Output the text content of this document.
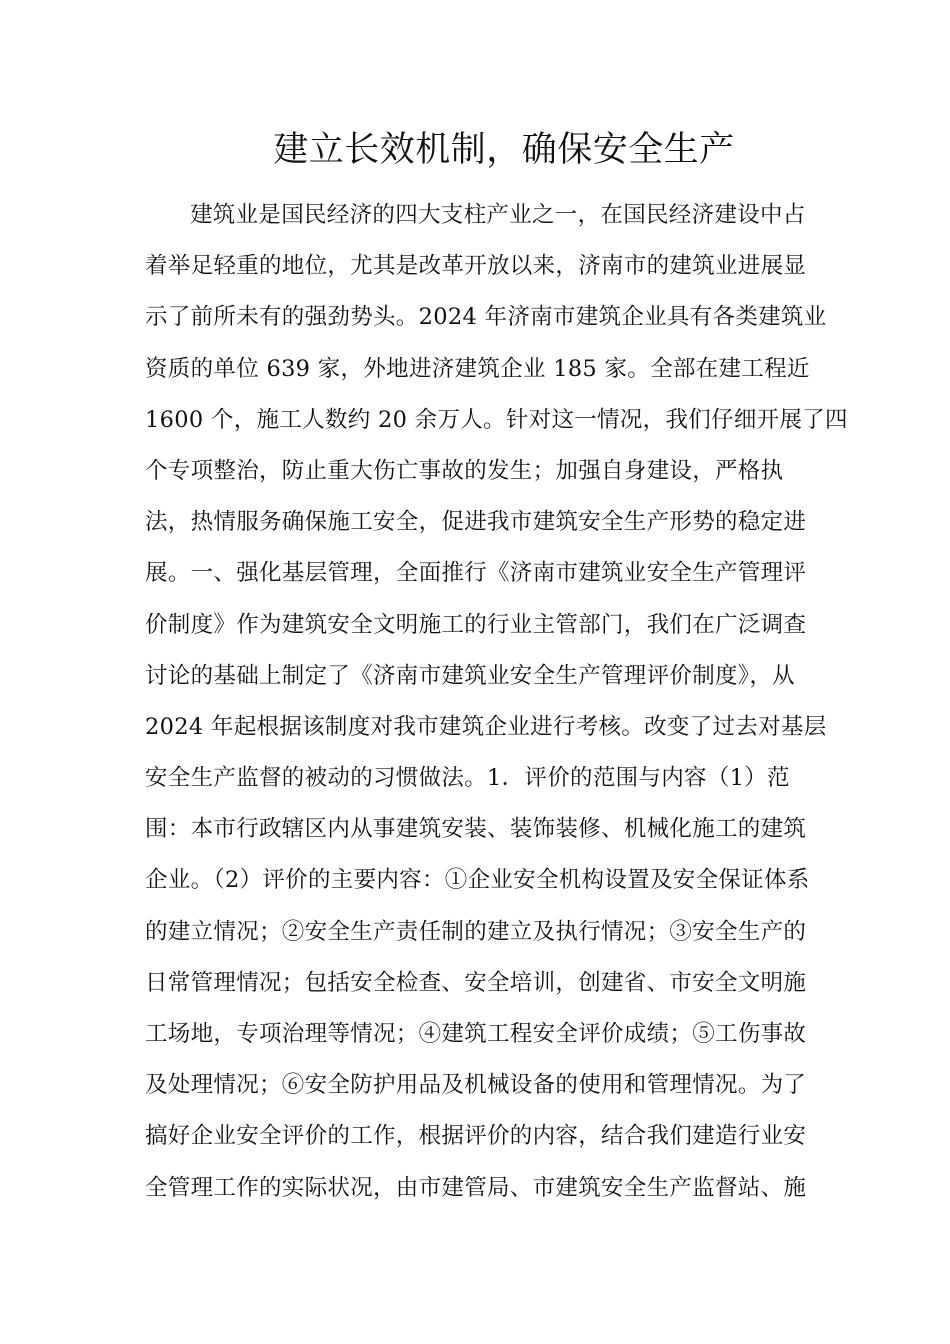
建立长效机制，确保安全生产
建筑业是国民经济的四大支柱产业之一，在国民经济建设中占
着举足轻重的地位，尤其是改革开放以来，济南市的建筑业进展显
示了前所未有的强劲势头。2024 年济南市建筑企业具有各类建筑业
资质的单位 639 家，外地进济建筑企业 185 家。全部在建工程近
1600 个，施工人数约 20 余万人。针对这一情况，我们仔细开展了四
个专项整治，防止重大伤亡事故的发生；加强自身建设，严格执
法，热情服务确保施工安全，促进我市建筑安全生产形势的稳定进
展。一、强化基层管理，全面推行《济南市建筑业安全生产管理评
价制度》作为建筑安全文明施工的行业主管部门，我们在广泛调查
讨论的基础上制定了《济南市建筑业安全生产管理评价制度》，从
2024 年起根据该制度对我市建筑企业进行考核。改变了过去对基层
安全生产监督的被动的习惯做法。1．评价的范围与内容（1）范
围：本市行政辖区内从事建筑安装、装饰装修、机械化施工的建筑
企业。（2）评价的主要内容：①企业安全机构设置及安全保证体系
的建立情况；②安全生产责任制的建立及执行情况；③安全生产的
日常管理情况；包括安全检查、安全培训，创建省、市安全文明施
工场地，专项治理等情况；④建筑工程安全评价成绩；⑤工伤事故
及处理情况；⑥安全防护用品及机械设备的使用和管理情况。为了
搞好企业安全评价的工作，根据评价的内容，结合我们建造行业安
全管理工作的实际状况，由市建管局、市建筑安全生产监督站、施
